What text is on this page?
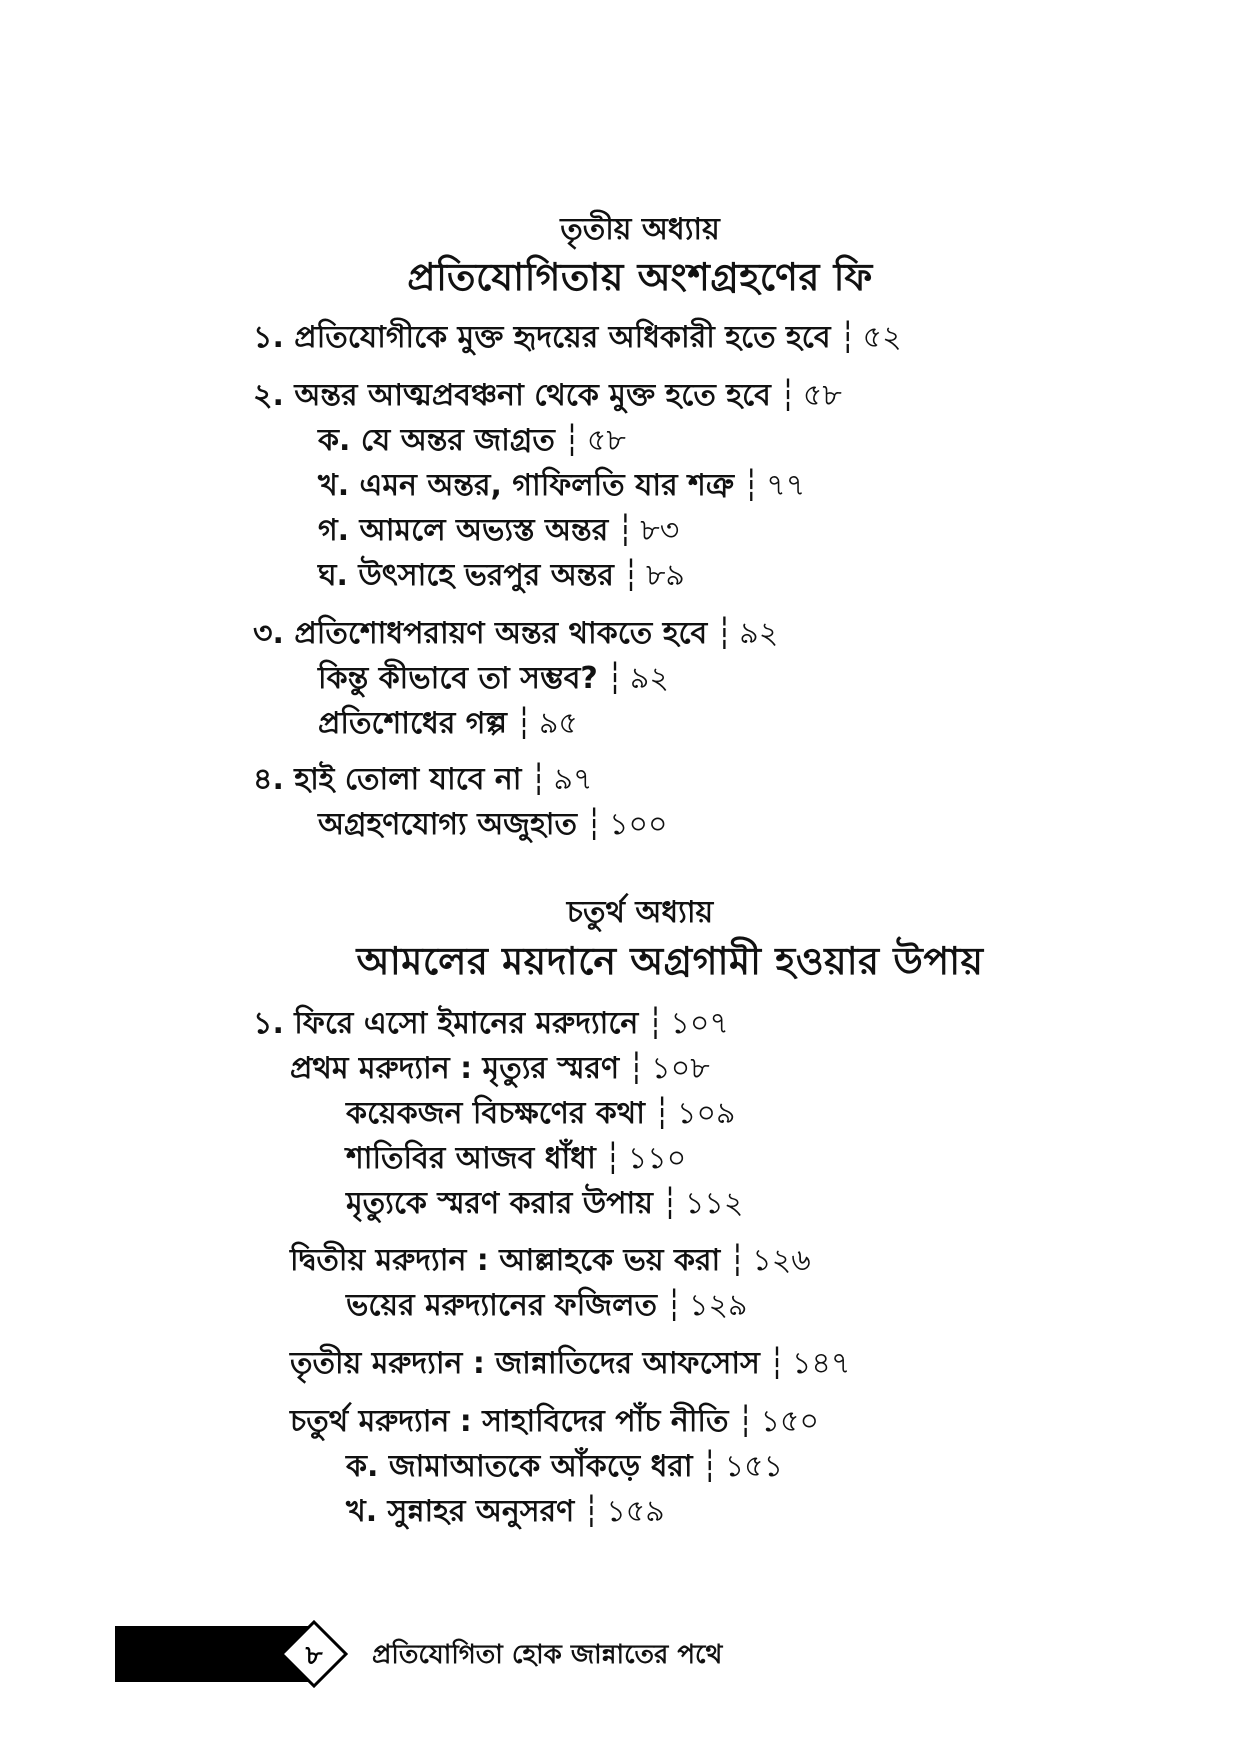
তৃতীয় অধ্যায়
প্রতিযোগিতায় অংশগ্রহণের ফি
১. প্রতিযোগীকে মুক্ত হৃদয়ের অধিকারী হতে হবে ┆ ৫২
২. অন্তর আত্মপ্রবঞ্চনা থেকে মুক্ত হতে হবে ┆ ৫৮
ক. যে অন্তর জাগ্রত ┆ ৫৮
খ. এমন অন্তর, গাফিলতি যার শত্রু ┆ ৭৭
গ. আমলে অভ্যস্ত অন্তর ┆ ৮৩
ঘ. উৎসাহে ভরপুর অন্তর ┆ ৮৯
৩. প্রতিশোধপরায়ণ অন্তর থাকতে হবে ┆ ৯২
কিন্তু কীভাবে তা সম্ভব? ┆ ৯২
প্রতিশোধের গল্প ┆ ৯৫
৪. হাই তোলা যাবে না ┆ ৯৭
অগ্রহণযোগ্য অজুহাত ┆ ১০০
চতুর্থ অধ্যায়
আমলের ময়দানে অগ্রগামী হওয়ার উপায়
১. ফিরে এসো ইমানের মরুদ্যানে ┆ ১০৭
প্রথম মরুদ্যান : মৃত্যুর স্মরণ ┆ ১০৮
কয়েকজন বিচক্ষণের কথা ┆ ১০৯
শাতিবির আজব ধাঁধা ┆ ১১০
মৃত্যুকে স্মরণ করার উপায় ┆ ১১২
দ্বিতীয় মরুদ্যান : আল্লাহকে ভয় করা ┆ ১২৬
ভয়ের মরুদ্যানের ফজিলত ┆ ১২৯
তৃতীয় মরুদ্যান : জান্নাতিদের আফসোস ┆ ১৪৭
চতুর্থ মরুদ্যান : সাহাবিদের পাঁচ নীতি ┆ ১৫০
ক. জামাআতকে আঁকড়ে ধরা ┆ ১৫১
খ. সুন্নাহর অনুসরণ ┆ ১৫৯
৮ প্রতিযোগিতা হোক জান্নাতের পথে
